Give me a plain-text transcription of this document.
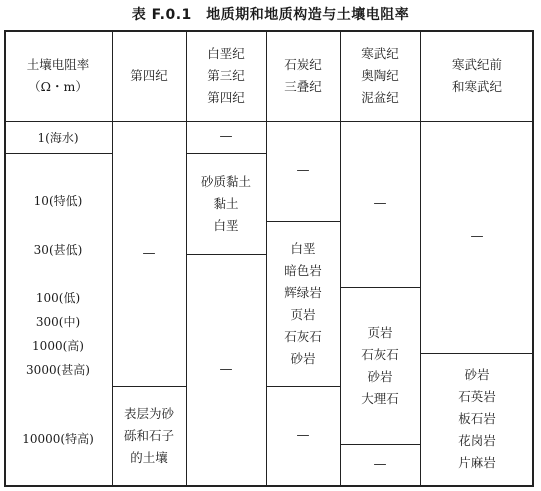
表 F.0.1　地质期和地质构造与土壤电阻率
土壤电阻率
（Ω・m）
第四纪
白垩纪
第三纪
第四纪
石炭纪
三叠纪
寒武纪
奥陶纪
泥盆纪
寒武纪前
和寒武纪
1(海水)
10(特低)
30(甚低)
100(低)
300(中)
1000(高)
3000(甚高)
10000(特高)
—
表层为砂
砾和石子
的土壤
—
砂质黏土
黏土
白垩
—
—
白垩
暗色岩
辉绿岩
页岩
石灰石
砂岩
—
—
页岩
石灰石
砂岩
大理石
—
—
砂岩
石英岩
板石岩
花岗岩
片麻岩
